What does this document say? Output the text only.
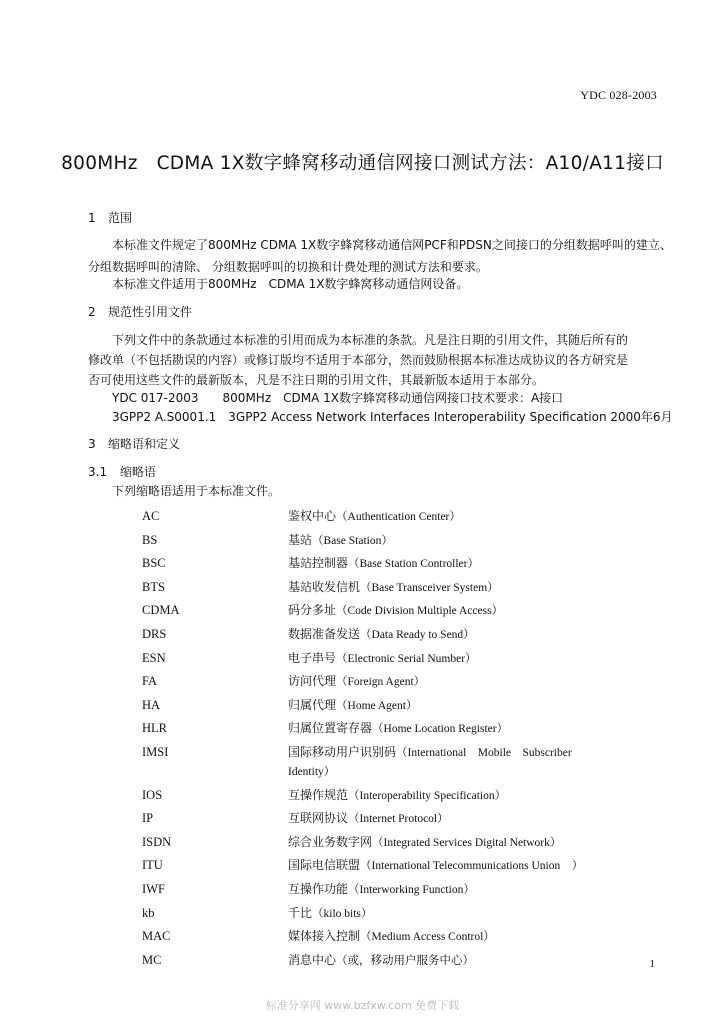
YDC 028-2003
800MHz　CDMA 1X数字蜂窝移动通信网接口测试方法：A10/A11接口
1 范围
本标准文件规定了800MHz CDMA 1X数字蜂窝移动通信网PCF和PDSN之间接口的分组数据呼叫的建立、
分组数据呼叫的清除、 分组数据呼叫的切换和计费处理的测试方法和要求。
本标准文件适用于800MHz　CDMA 1X数字蜂窝移动通信网设备。
2 规范性引用文件
下列文件中的条款通过本标准的引用而成为本标准的条款。凡是注日期的引用文件，其随后所有的
修改单（不包括勘误的内容）或修订版均不适用于本部分，然而鼓励根据本标准达成协议的各方研究是
否可使用这些文件的最新版本，凡是不注日期的引用文件，其最新版本适用于本部分。
YDC 017-2003　　800MHz　CDMA 1X数字蜂窝移动通信网接口技术要求：A接口
3GPP2 A.S0001.1　3GPP2 Access Network Interfaces Interoperability Specification 2000年6月
3 缩略语和定义
3.1 缩略语
下列缩略语适用于本标准文件。
AC	鉴权中心（Authentication Center）
BS	基站（Base Station）
BSC	基站控制器（Base Station Controller）
BTS	基站收发信机（Base Transceiver System）
CDMA	码分多址（Code Division Multiple Access）
DRS	数据准备发送（Data Ready to Send）
ESN	电子串号（Electronic Serial Number）
FA	访问代理（Foreign Agent）
HA	归属代理（Home Agent）
HLR	归属位置寄存器（Home Location Register）
IMSI	国际移动用户识别码（International　Mobile　Subscriber Identity）
IOS	互操作规范（Interoperability Specification）
IP	互联网协议（Internet Protocol）
ISDN	综合业务数字网（Integrated Services Digital Network）
ITU	国际电信联盟（International Telecommunications Union　）
IWF	互操作功能（Interworking Function）
kb	千比（kilo bits）
MAC	媒体接入控制（Medium Access Control）
MC	消息中心（或，移动用户服务中心）	1
标准分享网 www.bzfxw.com 免费下载
